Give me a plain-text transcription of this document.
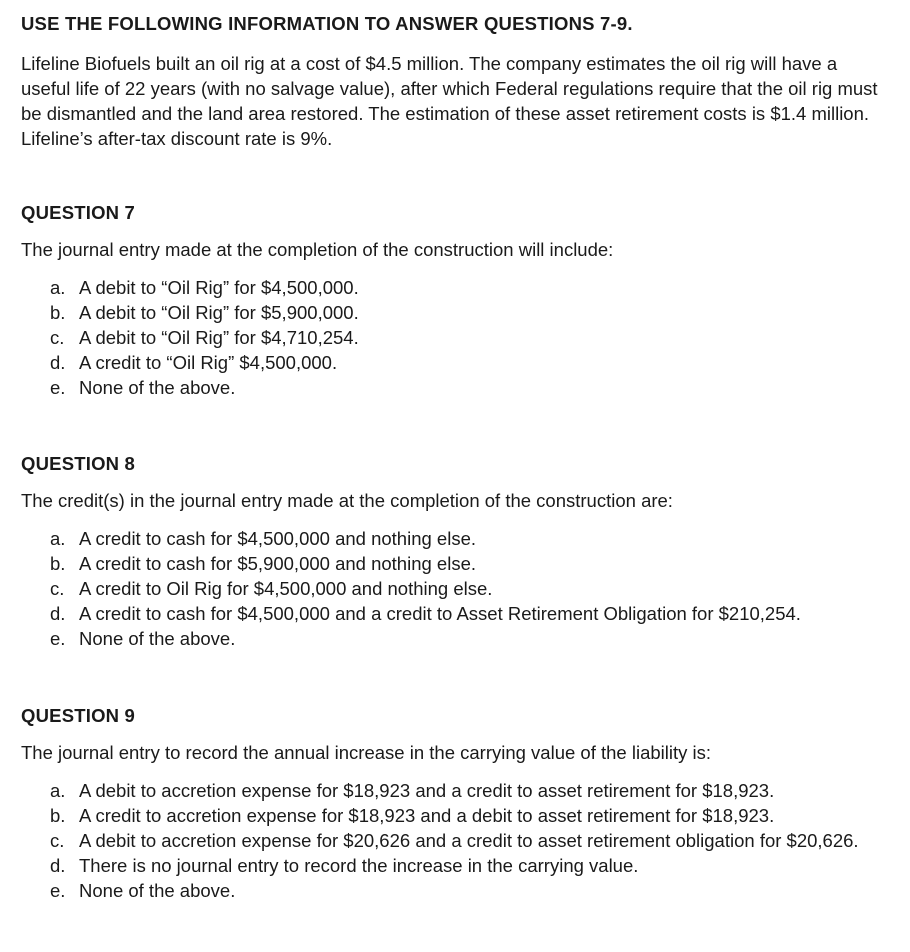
USE THE FOLLOWING INFORMATION TO ANSWER QUESTIONS 7-9.
Lifeline Biofuels built an oil rig at a cost of $4.5 million. The company estimates the oil rig will have a useful life of 22 years (with no salvage value), after which Federal regulations require that the oil rig must be dismantled and the land area restored. The estimation of these asset retirement costs is $1.4 million. Lifeline’s after-tax discount rate is 9%.
QUESTION 7
The journal entry made at the completion of the construction will include:
a. A debit to “Oil Rig” for $4,500,000.
b. A debit to “Oil Rig” for $5,900,000.
c. A debit to “Oil Rig” for $4,710,254.
d. A credit to “Oil Rig” $4,500,000.
e. None of the above.
QUESTION 8
The credit(s) in the journal entry made at the completion of the construction are:
a. A credit to cash for $4,500,000 and nothing else.
b. A credit to cash for $5,900,000 and nothing else.
c. A credit to Oil Rig for $4,500,000 and nothing else.
d. A credit to cash for $4,500,000 and a credit to Asset Retirement Obligation for $210,254.
e. None of the above.
QUESTION 9
The journal entry to record the annual increase in the carrying value of the liability is:
a. A debit to accretion expense for $18,923 and a credit to asset retirement for $18,923.
b. A credit to accretion expense for $18,923 and a debit to asset retirement for $18,923.
c. A debit to accretion expense for $20,626 and a credit to asset retirement obligation for $20,626.
d. There is no journal entry to record the increase in the carrying value.
e. None of the above.
